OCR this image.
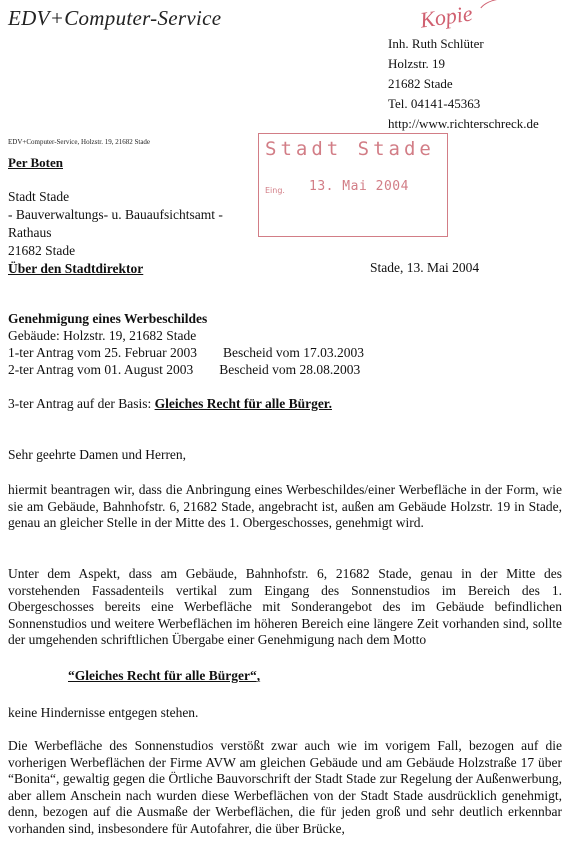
EDV+Computer-Service	Kopie
Inh. Ruth Schlüter
Holzstr. 19
21682 Stade
Tel. 04141-45363
http://www.richterschreck.de
EDV+Computer-Service, Holzstr. 19, 21682 Stade
Per Boten
Stadt Stade
- Bauverwaltungs- u. Bauaufsichtsamt -
Rathaus
21682 Stade
Über den Stadtdirektor
Stadt Stade
Eing. 13. Mai 2004
Stade, 13. Mai 2004
Genehmigung eines Werbeschildes
Gebäude: Holzstr. 19, 21682 Stade
1-ter Antrag vom 25. Februar 2003 Bescheid vom 17.03.2003
2-ter Antrag vom 01. August 2003 Bescheid vom 28.08.2003
3-ter Antrag auf der Basis: Gleiches Recht für alle Bürger.
Sehr geehrte Damen und Herren,
hiermit beantragen wir, dass die Anbringung eines Werbeschildes/einer Werbefläche in der Form, wie sie am Gebäude, Bahnhofstr. 6, 21682 Stade, angebracht ist, außen am Gebäude Holzstr. 19 in Stade, genau an gleicher Stelle in der Mitte des 1. Obergeschosses, genehmigt wird.
Unter dem Aspekt, dass am Gebäude, Bahnhofstr. 6, 21682 Stade, genau in der Mitte des vorstehenden Fassadenteils vertikal zum Eingang des Sonnenstudios im Bereich des 1. Obergeschosses bereits eine Werbefläche mit Sonderangebot des im Gebäude befindlichen Sonnenstudios und weitere Werbeflächen im höheren Bereich eine längere Zeit vorhanden sind, sollte der umgehenden schriftlichen Übergabe einer Genehmigung nach dem Motto
“Gleiches Recht für alle Bürger“,
keine Hindernisse entgegen stehen.
Die Werbefläche des Sonnenstudios verstößt zwar auch wie im vorigem Fall, bezogen auf die vorherigen Werbeflächen der Firme AVW am gleichen Gebäude und am Gebäude Holzstraße 17 über “Bonita“, gewaltig gegen die Örtliche Bauvorschrift der Stadt Stade zur Regelung der Außenwerbung, aber allem Anschein nach wurden diese Werbeflächen von der Stadt Stade ausdrücklich genehmigt, denn, bezogen auf die Ausmaße der Werbeflächen, die für jeden groß und sehr deutlich erkennbar vorhanden sind, insbesondere für Autofahrer, die über Brücke,
